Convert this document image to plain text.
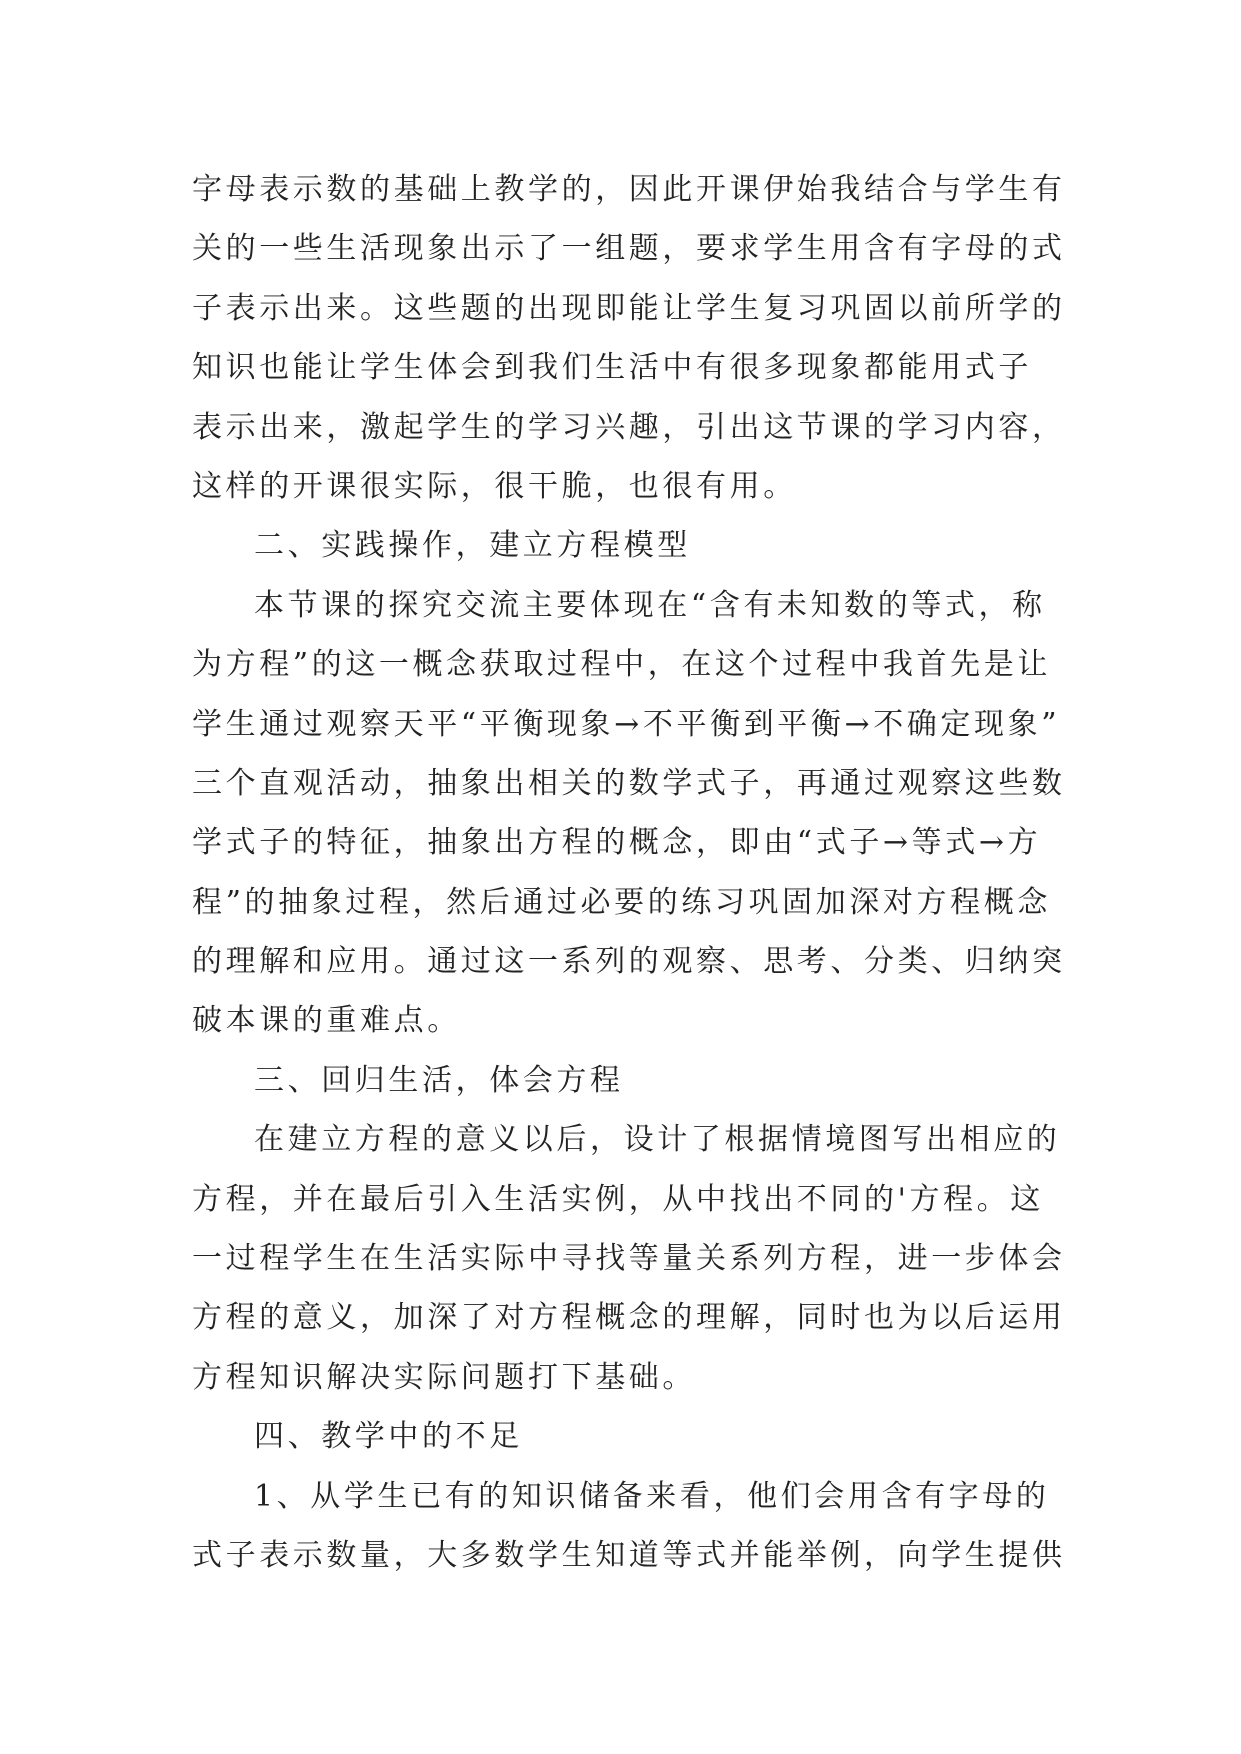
字母表示数的基础上教学的，因此开课伊始我结合与学生有
关的一些生活现象出示了一组题，要求学生用含有字母的式
子表示出来。这些题的出现即能让学生复习巩固以前所学的
知识也能让学生体会到我们生活中有很多现象都能用式子
表示出来，激起学生的学习兴趣，引出这节课的学习内容，
这样的开课很实际，很干脆，也很有用。
二、实践操作，建立方程模型
本节课的探究交流主要体现在“含有未知数的等式，称
为方程”的这一概念获取过程中，在这个过程中我首先是让
学生通过观察天平“平衡现象→不平衡到平衡→不确定现象”
三个直观活动，抽象出相关的数学式子，再通过观察这些数
学式子的特征，抽象出方程的概念，即由“式子→等式→方
程”的抽象过程，然后通过必要的练习巩固加深对方程概念
的理解和应用。通过这一系列的观察、思考、分类、归纳突
破本课的重难点。
三、回归生活，体会方程
在建立方程的意义以后，设计了根据情境图写出相应的
方程，并在最后引入生活实例，从中找出不同的'方程。这
一过程学生在生活实际中寻找等量关系列方程，进一步体会
方程的意义，加深了对方程概念的理解，同时也为以后运用
方程知识解决实际问题打下基础。
四、教学中的不足
1、从学生已有的知识储备来看，他们会用含有字母的
式子表示数量，大多数学生知道等式并能举例，向学生提供
